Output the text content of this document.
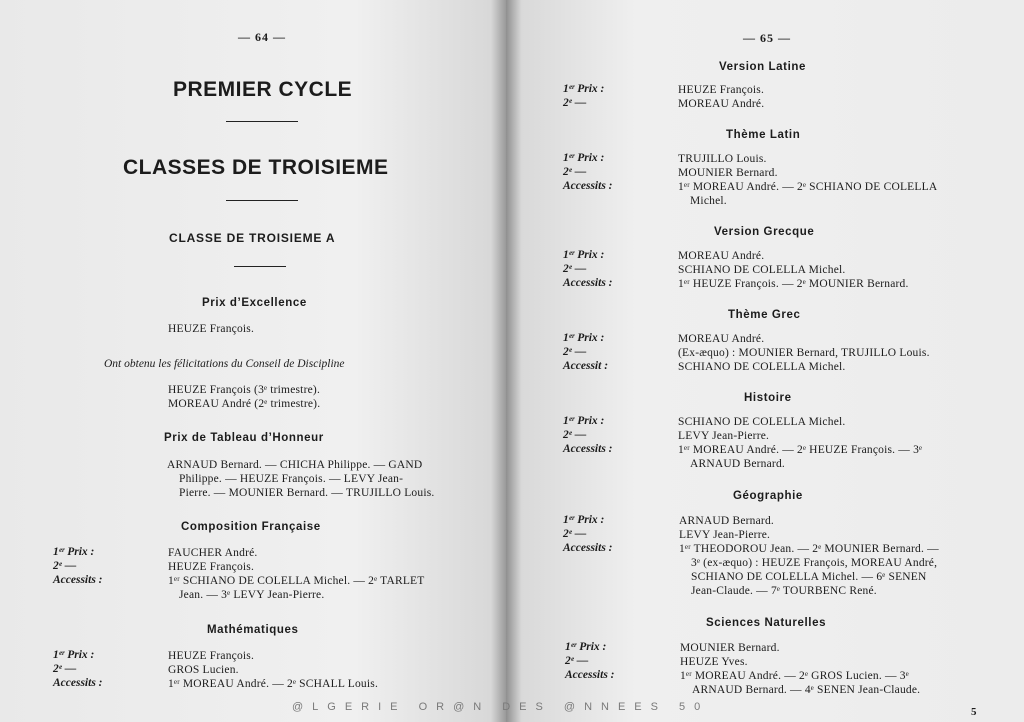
— 64 —
PREMIER CYCLE
CLASSES DE TROISIEME
CLASSE DE TROISIEME A
Prix d’Excellence
HEUZE François.
Ont obtenu les félicitations du Conseil de Discipline
HEUZE François (3ᵉ trimestre).
MOREAU André (2ᵉ trimestre).
Prix de Tableau d’Honneur
ARNAUD Bernard. — CHICHA Philippe. — GAND
Philippe. — HEUZE François. — LEVY Jean-
Pierre. — MOUNIER Bernard. — TRUJILLO Louis.
Composition Française
1ᵉʳ Prix :
2ᵉ —
Accessits :
FAUCHER André.
HEUZE François.
1ᵉʳ SCHIANO DE COLELLA Michel. — 2ᵉ TARLET
Jean. — 3ᵉ LEVY Jean-Pierre.
Mathématiques
1ᵉʳ Prix :
2ᵉ —
Accessits :
HEUZE François.
GROS Lucien.
1ᵉʳ MOREAU André. — 2ᵉ SCHALL Louis.
— 65 —
Version Latine
1ᵉʳ Prix :
2ᵉ —
HEUZE François.
MOREAU André.
Thème Latin
1ᵉʳ Prix :
2ᵉ —
Accessits :
TRUJILLO Louis.
MOUNIER Bernard.
1ᵉʳ MOREAU André. — 2ᵉ SCHIANO DE COLELLA
Michel.
Version Grecque
1ᵉʳ Prix :
2ᵉ —
Accessits :
MOREAU André.
SCHIANO DE COLELLA Michel.
1ᵉʳ HEUZE François. — 2ᵉ MOUNIER Bernard.
Thème Grec
1ᵉʳ Prix :
2ᵉ —
Accessit :
MOREAU André.
(Ex-æquo) : MOUNIER Bernard, TRUJILLO Louis.
SCHIANO DE COLELLA Michel.
Histoire
1ᵉʳ Prix :
2ᵉ —
Accessits :
SCHIANO DE COLELLA Michel.
LEVY Jean-Pierre.
1ᵉʳ MOREAU André. — 2ᵉ HEUZE François. — 3ᵉ
ARNAUD Bernard.
Géographie
1ᵉʳ Prix :
2ᵉ —
Accessits :
ARNAUD Bernard.
LEVY Jean-Pierre.
1ᵉʳ THEODOROU Jean. — 2ᵉ MOUNIER Bernard. —
3ᵉ (ex-æquo) : HEUZE François, MOREAU André,
SCHIANO DE COLELLA Michel. — 6ᵉ SENEN
Jean-Claude. — 7ᵉ TOURBENC René.
Sciences Naturelles
1ᵉʳ Prix :
2ᵉ —
Accessits :
MOUNIER Bernard.
HEUZE Yves.
1ᵉʳ MOREAU André. — 2ᵉ GROS Lucien. — 3ᵉ
ARNAUD Bernard. — 4ᵉ SENEN Jean-Claude.
5
@LGERIE OR@N DES @NNEES 50
